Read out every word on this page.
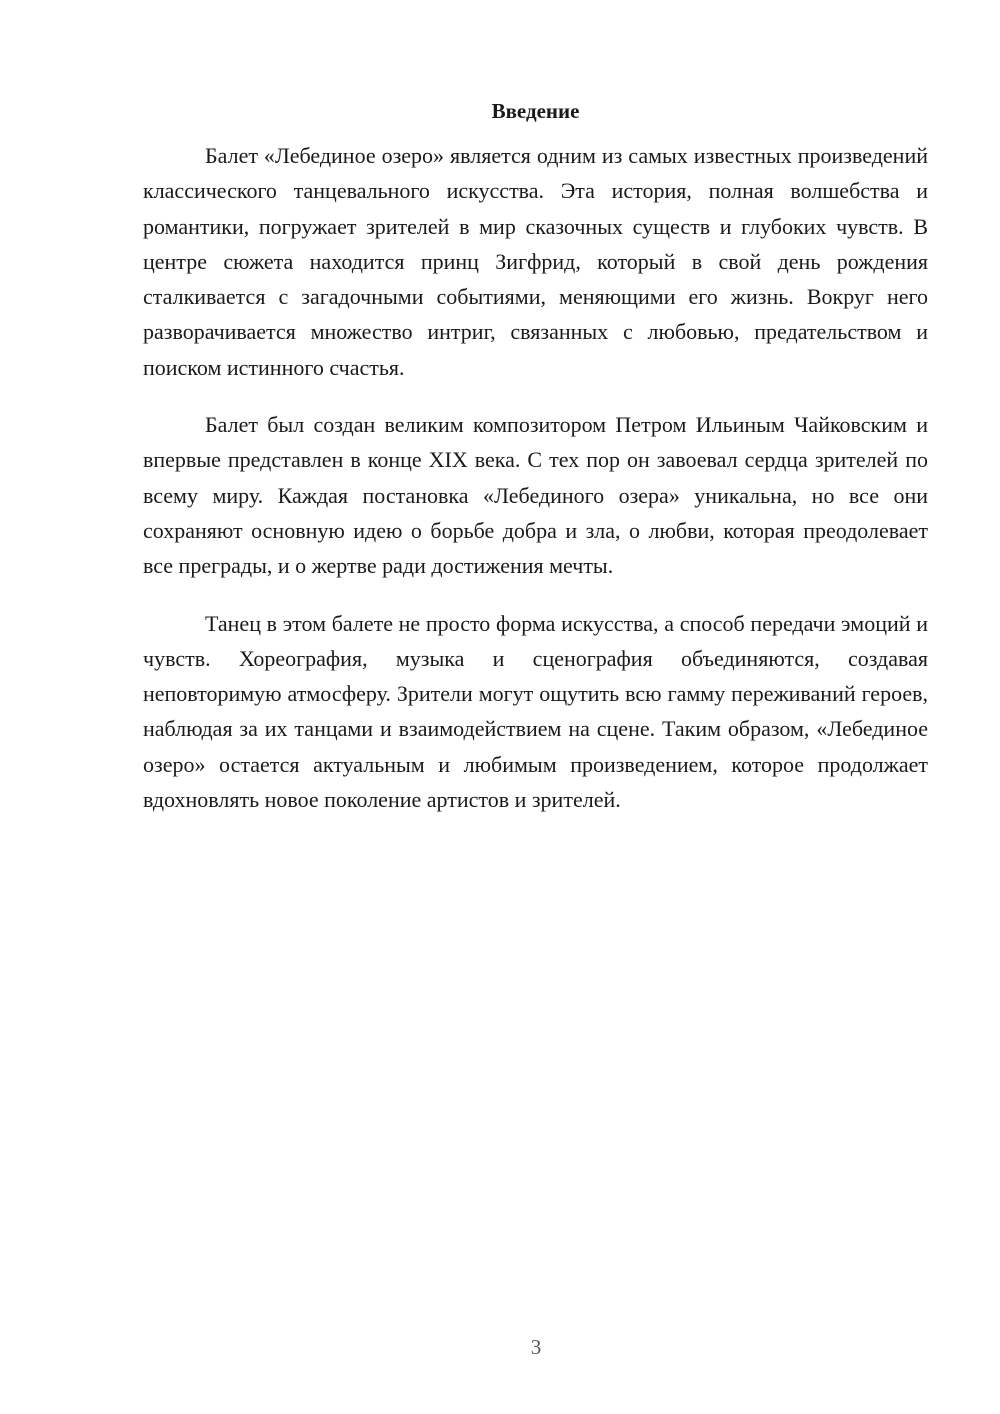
Введение

Балет «Лебединое озеро» является одним из самых известных произведений классического танцевального искусства. Эта история, полная волшебства и романтики, погружает зрителей в мир сказочных существ и глубоких чувств. В центре сюжета находится принц Зигфрид, который в свой день рождения сталкивается с загадочными событиями, меняющими его жизнь. Вокруг него разворачивается множество интриг, связанных с любовью, предательством и поиском истинного счастья.

Балет был создан великим композитором Петром Ильиным Чайковским и впервые представлен в конце XIX века. С тех пор он завоевал сердца зрителей по всему миру. Каждая постановка «Лебединого озера» уникальна, но все они сохраняют основную идею о борьбе добра и зла, о любви, которая преодолевает все преграды, и о жертве ради достижения мечты.

Танец в этом балете не просто форма искусства, а способ передачи эмоций и чувств. Хореография, музыка и сценография объединяются, создавая неповторимую атмосферу. Зрители могут ощутить всю гамму переживаний героев, наблюдая за их танцами и взаимодействием на сцене. Таким образом, «Лебединое озеро» остается актуальным и любимым произведением, которое продолжает вдохновлять новое поколение артистов и зрителей.

3
